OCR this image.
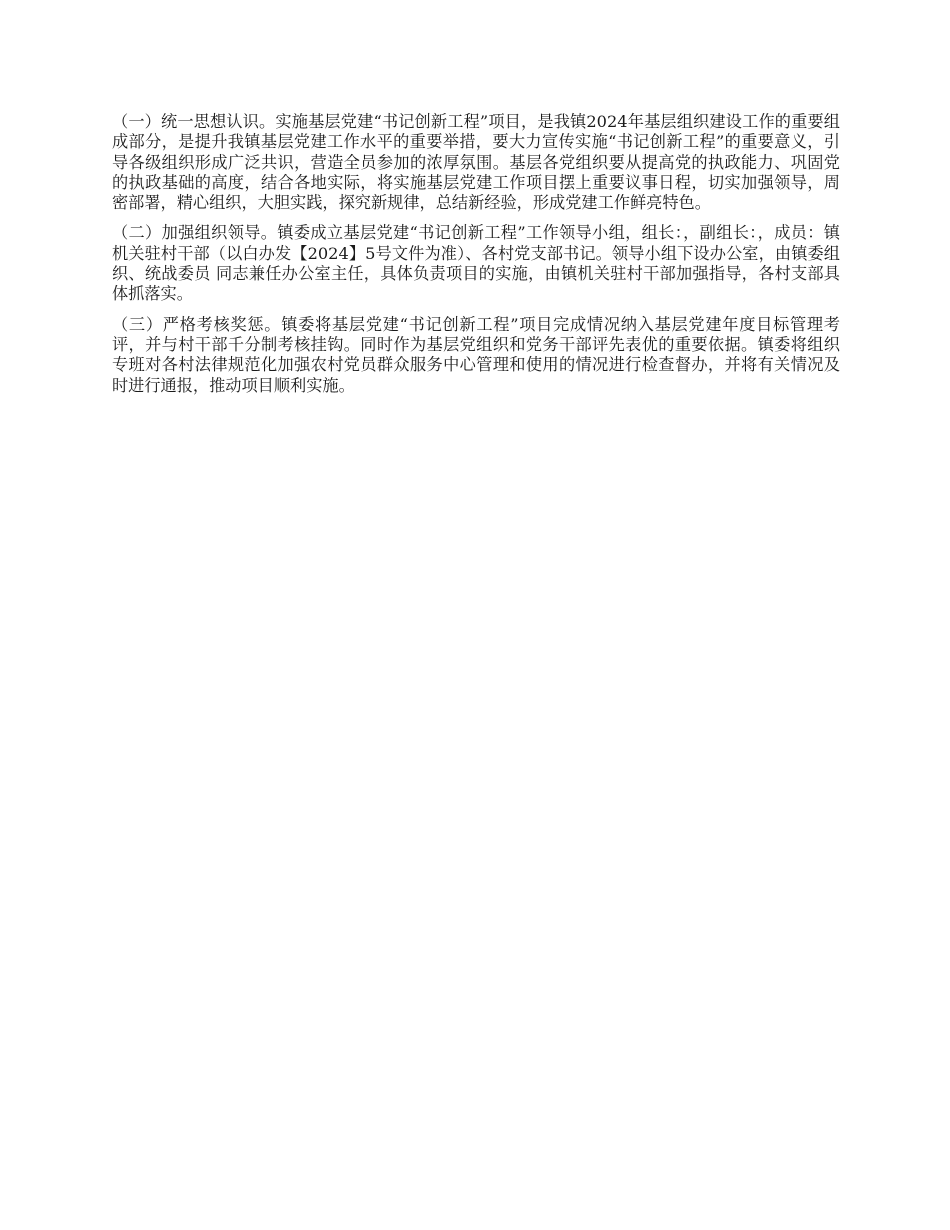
（一）统一思想认识。实施基层党建“书记创新工程”项目，是我镇2024年基层组织建设工作的重要组成部分，是提升我镇基层党建工作水平的重要举措，要大力宣传实施“书记创新工程”的重要意义，引导各级组织形成广泛共识，营造全员参加的浓厚氛围。基层各党组织要从提高党的执政能力、巩固党的执政基础的高度，结合各地实际，将实施基层党建工作项目摆上重要议事日程，切实加强领导，周密部署，精心组织，大胆实践，探究新规律，总结新经验，形成党建工作鲜亮特色。

（二）加强组织领导。镇委成立基层党建“书记创新工程”工作领导小组，组长：，副组长：，成员：镇机关驻村干部（以白办发【2024】5号文件为准）、各村党支部书记。领导小组下设办公室，由镇委组织、统战委员 同志兼任办公室主任，具体负责项目的实施，由镇机关驻村干部加强指导，各村支部具体抓落实。

（三）严格考核奖惩。镇委将基层党建“书记创新工程”项目完成情况纳入基层党建年度目标管理考评，并与村干部千分制考核挂钩。同时作为基层党组织和党务干部评先表优的重要依据。镇委将组织专班对各村法律规范化加强农村党员群众服务中心管理和使用的情况进行检查督办，并将有关情况及时进行通报，推动项目顺利实施。
